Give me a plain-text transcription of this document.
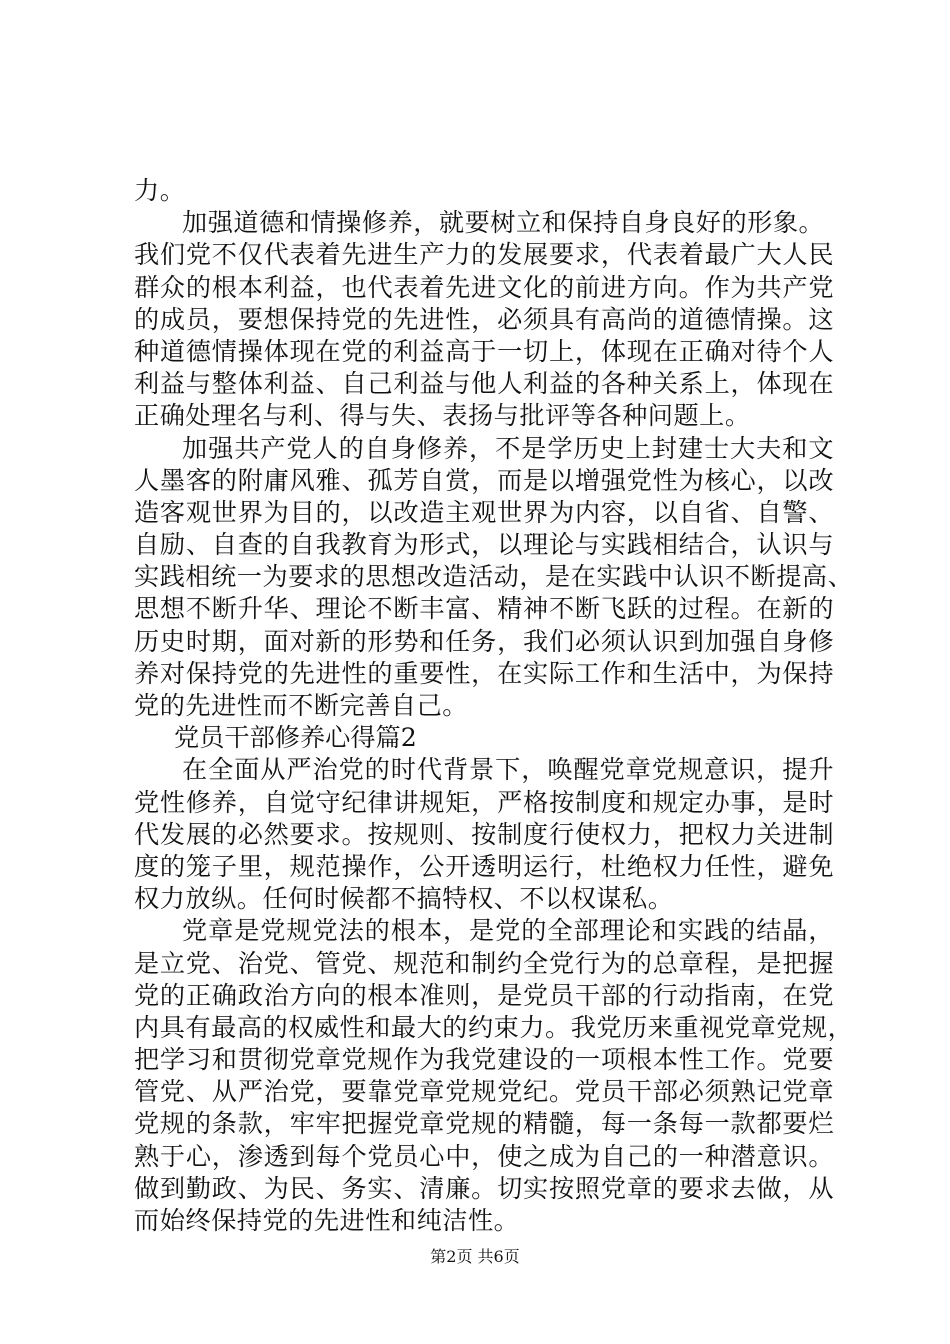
力。
加强道德和情操修养，就要树立和保持自身良好的形象。
我们党不仅代表着先进生产力的发展要求，代表着最广大人民
群众的根本利益，也代表着先进文化的前进方向。作为共产党
的成员，要想保持党的先进性，必须具有高尚的道德情操。这
种道德情操体现在党的利益高于一切上，体现在正确对待个人
利益与整体利益、自己利益与他人利益的各种关系上，体现在
正确处理名与利、得与失、表扬与批评等各种问题上。
加强共产党人的自身修养，不是学历史上封建士大夫和文
人墨客的附庸风雅、孤芳自赏，而是以增强党性为核心，以改
造客观世界为目的，以改造主观世界为内容，以自省、自警、
自励、自查的自我教育为形式，以理论与实践相结合，认识与
实践相统一为要求的思想改造活动，是在实践中认识不断提高、
思想不断升华、理论不断丰富、精神不断飞跃的过程。在新的
历史时期，面对新的形势和任务，我们必须认识到加强自身修
养对保持党的先进性的重要性，在实际工作和生活中，为保持
党的先进性而不断完善自己。
党员干部修养心得篇2
在全面从严治党的时代背景下，唤醒党章党规意识，提升
党性修养，自觉守纪律讲规矩，严格按制度和规定办事，是时
代发展的必然要求。按规则、按制度行使权力，把权力关进制
度的笼子里，规范操作，公开透明运行，杜绝权力任性，避免
权力放纵。任何时候都不搞特权、不以权谋私。
党章是党规党法的根本，是党的全部理论和实践的结晶，
是立党、治党、管党、规范和制约全党行为的总章程，是把握
党的正确政治方向的根本准则，是党员干部的行动指南，在党
内具有最高的权威性和最大的约束力。我党历来重视党章党规，
把学习和贯彻党章党规作为我党建设的一项根本性工作。党要
管党、从严治党，要靠党章党规党纪。党员干部必须熟记党章
党规的条款，牢牢把握党章党规的精髓，每一条每一款都要烂
熟于心，渗透到每个党员心中，使之成为自己的一种潜意识。
做到勤政、为民、务实、清廉。切实按照党章的要求去做，从
而始终保持党的先进性和纯洁性。
第2页 共6页
